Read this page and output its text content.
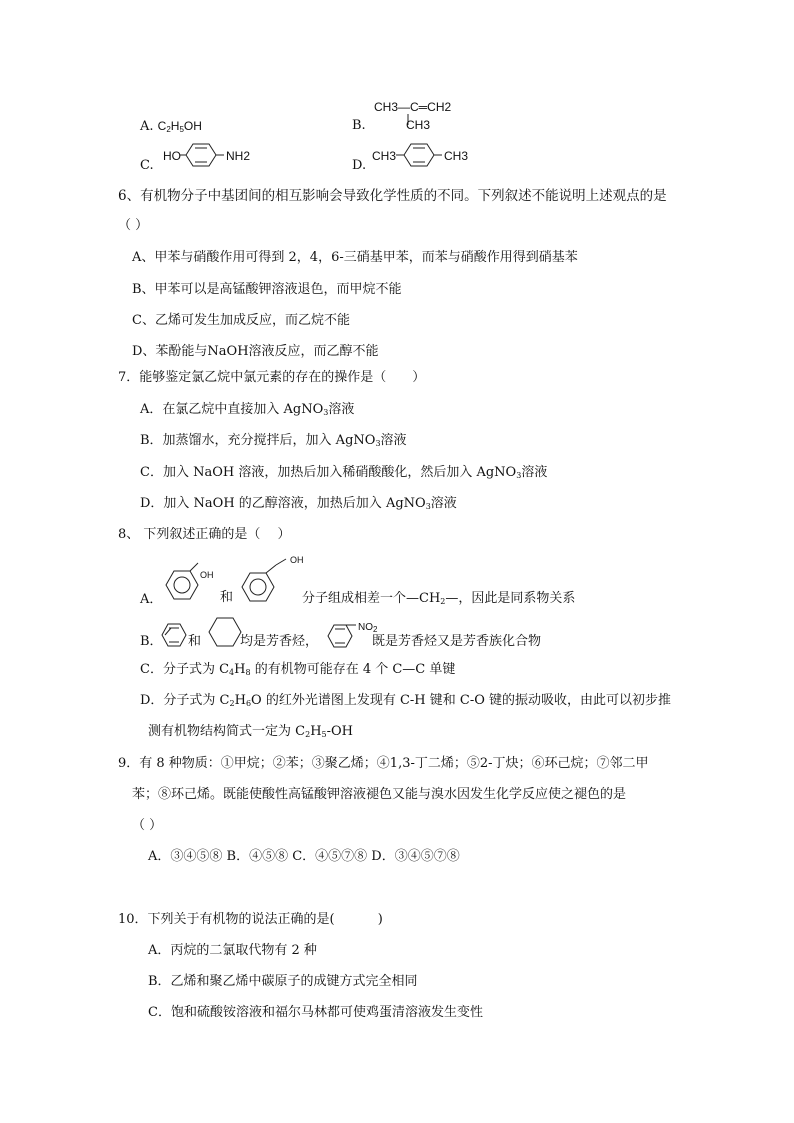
A. $C_2H_5OH$
CH3—C═CH2
B.	CH3
C.
HO	NH2
D.
CH3	CH3
6、有机物分子中基团间的相互影响会导致化学性质的不同。下列叙述不能说明上述观点的是
（ ）
A、甲苯与硝酸作用可得到 2，4，6-三硝基甲苯，而苯与硝酸作用得到硝基苯
B、甲苯可以是高锰酸钾溶液退色，而甲烷不能
C、乙烯可发生加成反应，而乙烷不能
D、苯酚能与NaOH溶液反应，而乙醇不能
7．能够鉴定氯乙烷中氯元素的存在的操作是（　　）
A．在氯乙烷中直接加入 AgNO$_3$溶液
B．加蒸馏水，充分搅拌后，加入 AgNO$_3$溶液
C．加入 NaOH 溶液，加热后加入稀硝酸酸化，然后加入 AgNO$_3$溶液
D．加入 NaOH 的乙醇溶液，加热后加入 AgNO$_3$溶液
8、 下列叙述正确的是（　 ）
A．
OH
和
OH
分子组成相差一个$—CH_2—$，因此是同系物关系
B． 和	均是芳香烃，
$NO_2$
既是芳香烃又是芳香族化合物
C．分子式为 $C_4H_8$ 的有机物可能存在 4 个 C—C 单键
D．分子式为 $C_2H_6O$ 的红外光谱图上发现有 C-H 键和 C-O 键的振动吸收，由此可以初步推
测有机物结构简式一定为 $C_2H_5-OH$
9．有 8 种物质：①甲烷；②苯；③聚乙烯；④1,3-丁二烯；⑤2-丁炔；⑥环己烷；⑦邻二甲
苯；⑧环己烯。既能使酸性高锰酸钾溶液褪色又能与溴水因发生化学反应使之褪色的是
（ ）
A．③④⑤⑧ B．④⑤⑧ C．④⑤⑦⑧ D．③④⑤⑦⑧
10．下列关于有机物的说法正确的是(　　　 )
A．丙烷的二氯取代物有 2 种
B．乙烯和聚乙烯中碳原子的成键方式完全相同
C．饱和硫酸铵溶液和福尔马林都可使鸡蛋清溶液发生变性
